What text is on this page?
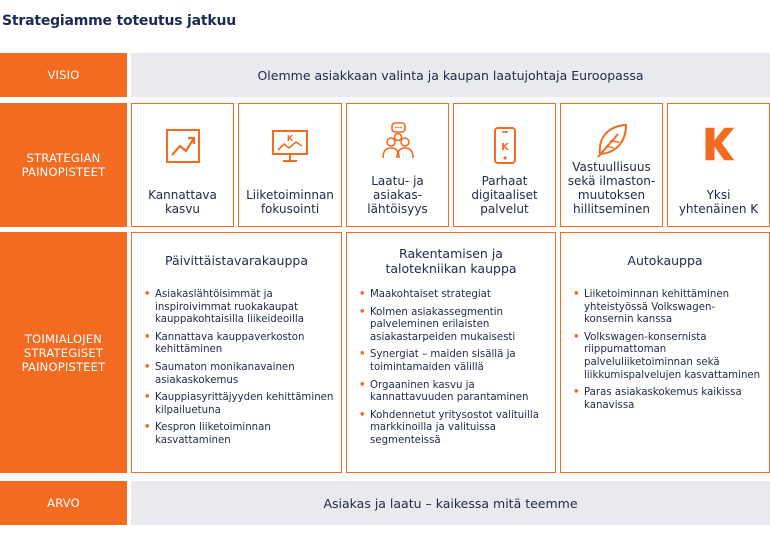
Strategiamme toteutus jatkuu
VISIO	Olemme asiakkaan valinta ja kaupan laatujohtaja Euroopassa
STRATEGIAN
PAINOPISTEET
Kannattava
kasvu
K
Liiketoiminnan
fokusointi
Laatu- ja
asiakas-
lähtöisyys
K
Parhaat
digitaaliset
palvelut
Vastuullisuus
sekä ilmaston-
muutoksen
hillitseminen
Yksi
yhtenäinen K
TOIMIALOJEN
STRATEGISET
PAINOPISTEET
Päivittäistavarakauppa
• Asiakaslähtöisimmät ja inspiroivimmat ruokakaupat kauppakohtaisilla liikeideoilla
• Kannattava kauppaverkoston kehittäminen
• Saumaton monikanavainen asiakaskokemus
• Kauppiasyrittäjyyden kehittäminen kilpailuetuna
• Kespron liiketoiminnan kasvattaminen
Rakentamisen ja
talotekniikan kauppa
• Maakohtaiset strategiat
• Kolmen asiakassegmentin palveleminen erilaisten asiakastarpeiden mukaisesti
• Synergiat – maiden sisällä ja toimintamaiden välillä
• Orgaaninen kasvu ja kannattavuuden parantaminen
• Kohdennetut yritysostot valituilla markkinoilla ja valituissa segmenteissä
Autokauppa
• Liiketoiminnan kehittäminen yhteistyössä Volkswagen-konsernin kanssa
• Volkswagen-konsernista riippumattoman palveluliiketoiminnan sekä liikkumispalvelujen kasvattaminen
• Paras asiakaskokemus kaikissa kanavissa
ARVO	Asiakas ja laatu – kaikessa mitä teemme
